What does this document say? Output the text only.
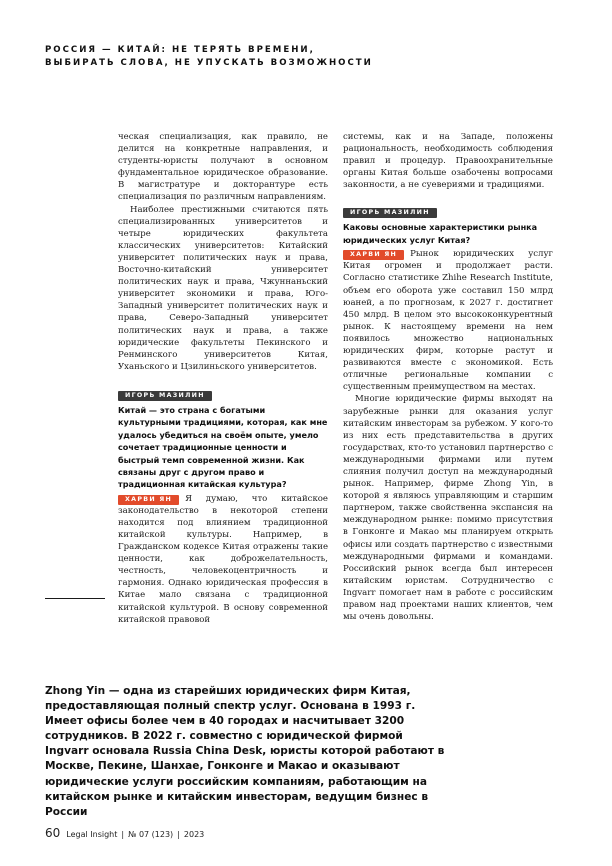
РОССИЯ — КИТАЙ: НЕ ТЕРЯТЬ ВРЕМЕНИ,
ВЫБИРАТЬ СЛОВА, НЕ УПУСКАТЬ ВОЗМОЖНОСТИ

ческая специализация, как правило, не делится на конкретные направления, и студенты-юристы получают в основном фундаментальное юридическое образование. В магистратуре и докторантуре есть специализация по различным направлениям.

Наиболее престижными считаются пять специализированных университетов и четыре юридических факультета классических университетов: Китайский университет политических наук и права, Восточно-китайский университет политических наук и права, Чжуннаньский университет экономики и права, Юго-Западный университет политических наук и права, Северо-Западный университет политических наук и права, а также юридические факультеты Пекинского и Ренминского университетов Китая, Уханьского и Цзилиньского университетов.

ИГОРЬ МАЗИЛИН

Китай — это страна с богатыми культурными традициями, которая, как мне удалось убедиться на своём опыте, умело сочетает традиционные ценности и быстрый темп современной жизни. Как связаны друг с другом право и традиционная китайская культура?

ХАРВИ ЯН	Я думаю, что китайское законодательство в некоторой степени находится под влиянием традиционной китайской культуры. Например, в Гражданском кодексе Китая отражены такие ценности, как доброжелательность, честность, человекоцентричность и гармония. Однако юридическая профессия в Китае мало связана с традиционной китайской культурой. В основу современной китайской правовой

системы, как и на Западе, положены рациональность, необходимость соблюдения правил и процедур. Правоохранительные органы Китая больше озабочены вопросами законности, а не суевериями и традициями.

ИГОРЬ МАЗИЛИН

Каковы основные характеристики рынка юридических услуг Китая?

ХАРВИ ЯН	Рынок юридических услуг Китая огромен и продолжает расти. Согласно статистике Zhihe Research Institute, объем его оборота уже составил 150 млрд юаней, а по прогнозам, к 2027 г. достигнет 450 млрд. В целом это высококонкурентный рынок. К настоящему времени на нем появилось множество национальных юридических фирм, которые растут и развиваются вместе с экономикой. Есть отличные региональные компании с существенным преимуществом на местах.

Многие юридические фирмы выходят на зарубежные рынки для оказания услуг китайским инвесторам за рубежом. У кого-то из них есть представительства в других государствах, кто-то установил партнерство с международными фирмами или путем слияния получил доступ на международный рынок. Например, фирме Zhong Yin, в которой я являюсь управляющим и старшим партнером, также свойственна экспансия на международном рынке: помимо присутствия в Гонконге и Макао мы планируем открыть офисы или создать партнерство с известными международными фирмами и командами. Российский рынок всегда был интересен китайским юристам. Сотрудничество с Ingvarr помогает нам в работе с российским правом над проектами наших клиентов, чем мы очень довольны.

Zhong Yin — одна из старейших юридических фирм Китая, предоставляющая полный спектр услуг. Основана в 1993 г. Имеет офисы более чем в 40 городах и насчитывает 3200 сотрудников. В 2022 г. совместно с юридической фирмой Ingvarr основала Russia China Desk, юристы которой работают в Москве, Пекине, Шанхае, Гонконге и Макао и оказывают юридические услуги российским компаниям, работающим на китайском рынке и китайским инвесторам, ведущим бизнес в России
60 Legal Insight | № 07 (123) | 2023
